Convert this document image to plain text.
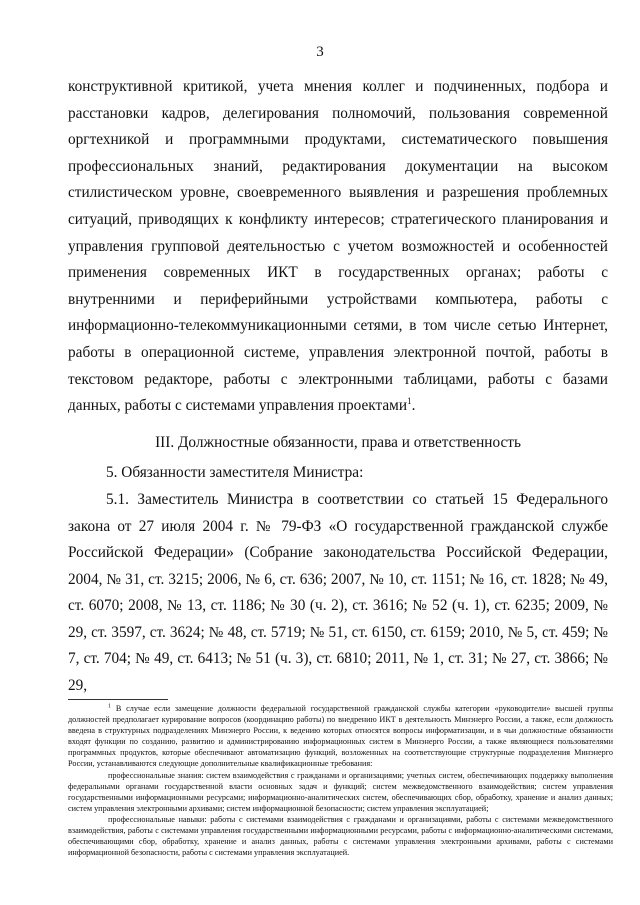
3

конструктивной критикой, учета мнения коллег и подчиненных, подбора и расстановки кадров, делегирования полномочий, пользования современной оргтехникой и программными продуктами, систематического повышения профессиональных знаний, редактирования документации на высоком стилистическом уровне, своевременного выявления и разрешения проблемных ситуаций, приводящих к конфликту интересов; стратегического планирования и управления групповой деятельностью с учетом возможностей и особенностей применения современных ИКТ в государственных органах; работы с внутренними и периферийными устройствами компьютера, работы с информационно-телекоммуникационными сетями, в том числе сетью Интернет, работы в операционной системе, управления электронной почтой, работы в текстовом редакторе, работы с электронными таблицами, работы с базами данных, работы с системами управления проектами$^1$.

III. Должностные обязанности, права и ответственность

5. Обязанности заместителя Министра:

5.1. Заместитель Министра в соответствии со статьей 15 Федерального закона от 27 июля 2004 г. № 79-ФЗ «О государственной гражданской службе Российской Федерации» (Собрание законодательства Российской Федерации, 2004, № 31, ст. 3215; 2006, № 6, ст. 636; 2007, № 10, ст. 1151; № 16, ст. 1828; № 49, ст. 6070; 2008, № 13, ст. 1186; № 30 (ч. 2), ст. 3616; № 52 (ч. 1), ст. 6235; 2009, № 29, ст. 3597, ст. 3624; № 48, ст. 5719; № 51, ст. 6150, ст. 6159; 2010, № 5, ст. 459; № 7, ст. 704; № 49, ст. 6413; № 51 (ч. 3), ст. 6810; 2011, № 1, ст. 31; № 27, ст. 3866; № 29,

$^1$ В случае если замещение должности федеральной государственной гражданской службы категории «руководители» высшей группы должностей предполагает курирование вопросов (координацию работы) по внедрению ИКТ в деятельность Минэнерго России, а также, если должность введена в структурных подразделениях Минэнерго России, к ведению которых относятся вопросы информатизации, и в чьи должностные обязанности входят функции по созданию, развитию и администрированию информационных систем в Минэнерго России, а также являющиеся пользователями программных продуктов, которые обеспечивают автоматизацию функций, возложенных на соответствующие структурные подразделения Минэнерго России, устанавливаются следующие дополнительные квалификационные требования:

профессиональные знания: систем взаимодействия с гражданами и организациями; учетных систем, обеспечивающих поддержку выполнения федеральными органами государственной власти основных задач и функций; систем межведомственного взаимодействия; систем управления государственными информационными ресурсами; информационно-аналитических систем, обеспечивающих сбор, обработку, хранение и анализ данных; систем управления электронными архивами; систем информационной безопасности; систем управления эксплуатацией;

профессиональные навыки: работы с системами взаимодействия с гражданами и организациями, работы с системами межведомственного взаимодействия, работы с системами управления государственными информационными ресурсами, работы с информационно-аналитическими системами, обеспечивающими сбор, обработку, хранение и анализ данных, работы с системами управления электронными архивами, работы с системами информационной безопасности, работы с системами управления эксплуатацией.
